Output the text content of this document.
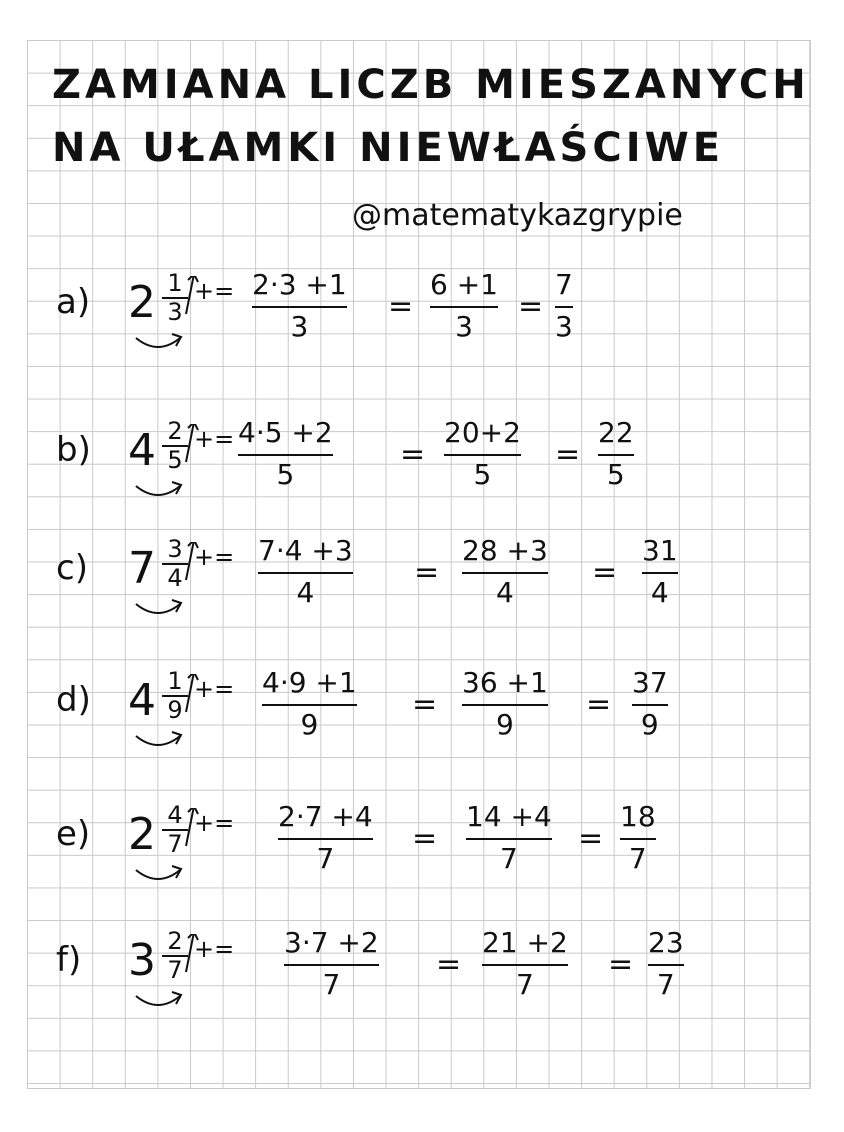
ZAMIANA LICZB MIESZANYCH
NA UŁAMKI NIEWŁAŚCIWE
@matematykazgrypie
a) 2 1
3
+= 2·3 +1
3
=
6 +1
3
=
7
3
b) 4 2
5
+= 4·5 +2
5
=
20+2
5
=
22
5
c) 7 3
4
+= 7·4 +3
4
=
28 +3
4
=
31
4
d) 4 1
9
+= 4·9 +1
9
=
36 +1
9
=
37
9
e) 2 4
7
+= 2·7 +4
7
=
14 +4
7
=
18
7
f) 3 2
7
+= 3·7 +2
7
=
21 +2
7
=
23
7
